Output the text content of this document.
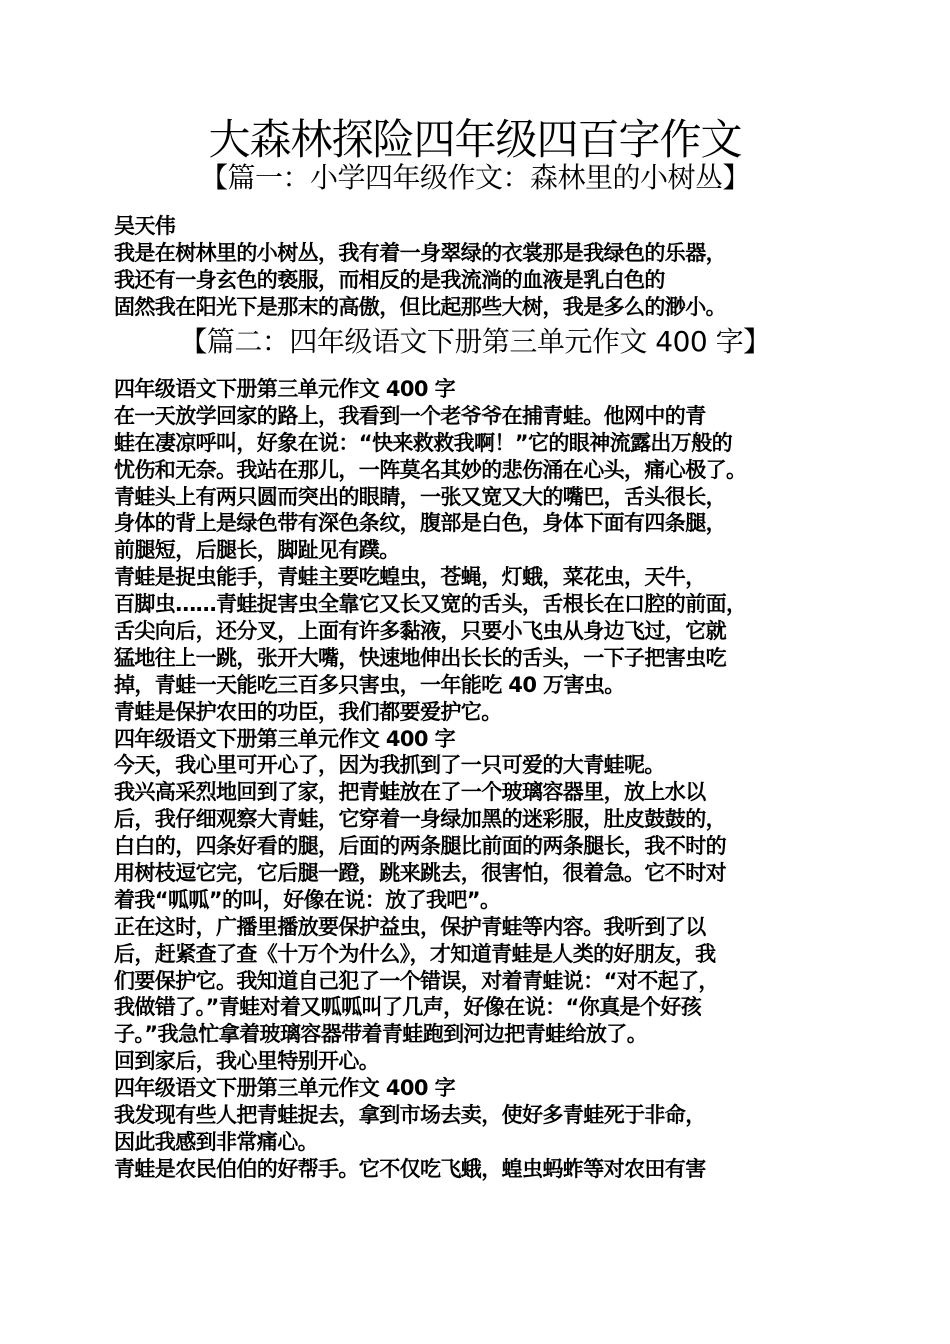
大森林探险四年级四百字作文
【篇一：小学四年级作文：森林里的小树丛】
吴天伟
我是在树林里的小树丛，我有着一身翠绿的衣裳那是我绿色的乐器，
我还有一身玄色的亵服，而相反的是我流淌的血液是乳白色的
固然我在阳光下是那末的高傲，但比起那些大树，我是多么的渺小。
【篇二：四年级语文下册第三单元作文 400 字】
四年级语文下册第三单元作文 400 字
在一天放学回家的路上，我看到一个老爷爷在捕青蛙。他网中的青
蛙在凄凉呼叫，好象在说：“快来救救我啊！”它的眼神流露出万般的
忧伤和无奈。我站在那儿，一阵莫名其妙的悲伤涌在心头，痛心极了。
青蛙头上有两只圆而突出的眼睛，一张又宽又大的嘴巴，舌头很长，
身体的背上是绿色带有深色条纹，腹部是白色，身体下面有四条腿，
前腿短，后腿长，脚趾见有蹼。
青蛙是捉虫能手，青蛙主要吃蝗虫，苍蝇，灯蛾，菜花虫，天牛，
百脚虫……青蛙捉害虫全靠它又长又宽的舌头，舌根长在口腔的前面，
舌尖向后，还分叉，上面有许多黏液，只要小飞虫从身边飞过，它就
猛地往上一跳，张开大嘴，快速地伸出长长的舌头，一下子把害虫吃
掉，青蛙一天能吃三百多只害虫，一年能吃 40 万害虫。
青蛙是保护农田的功臣，我们都要爱护它。
四年级语文下册第三单元作文 400 字
今天，我心里可开心了，因为我抓到了一只可爱的大青蛙呢。
我兴高采烈地回到了家，把青蛙放在了一个玻璃容器里，放上水以
后，我仔细观察大青蛙，它穿着一身绿加黑的迷彩服，肚皮鼓鼓的，
白白的，四条好看的腿，后面的两条腿比前面的两条腿长，我不时的
用树枝逗它完，它后腿一蹬，跳来跳去，很害怕，很着急。它不时对
着我“呱呱”的叫，好像在说：放了我吧”。
正在这时，广播里播放要保护益虫，保护青蛙等内容。我听到了以
后，赶紧查了查《十万个为什么》，才知道青蛙是人类的好朋友，我
们要保护它。我知道自己犯了一个错误，对着青蛙说：“对不起了，
我做错了。”青蛙对着又呱呱叫了几声，好像在说：“你真是个好孩
子。”我急忙拿着玻璃容器带着青蛙跑到河边把青蛙给放了。
回到家后，我心里特别开心。
四年级语文下册第三单元作文 400 字
我发现有些人把青蛙捉去，拿到市场去卖，使好多青蛙死于非命，
因此我感到非常痛心。
青蛙是农民伯伯的好帮手。它不仅吃飞蛾，蝗虫蚂蚱等对农田有害
